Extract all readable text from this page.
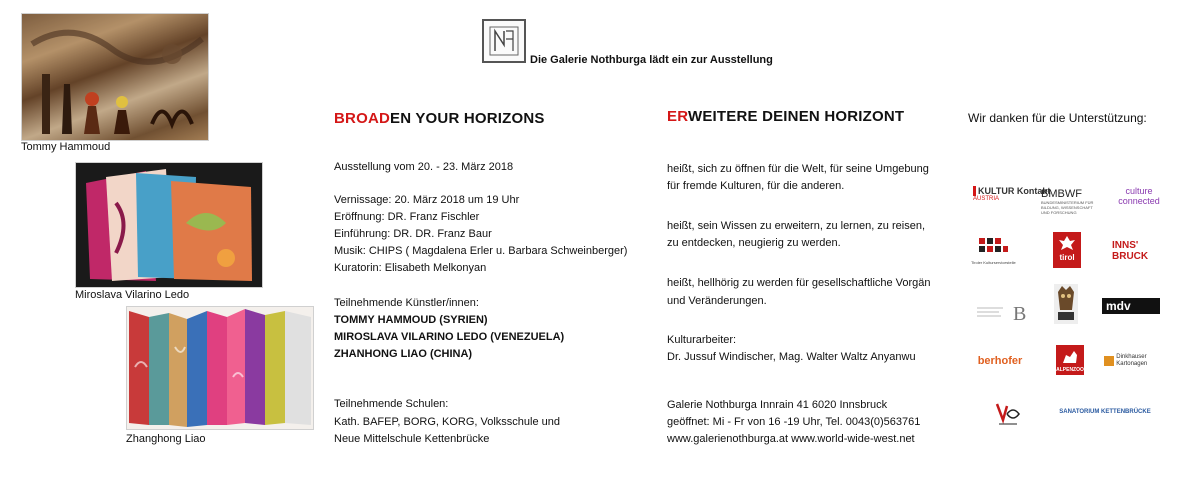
Tommy Hammoud
Miroslava Vilarino Ledo
Zhanghong Liao
Die Galerie Nothburga lädt ein zur Ausstellung
BROADEN YOUR HORIZONS
Ausstellung vom 20. - 23. März 2018
Vernissage: 20. März 2018 um 19 Uhr
Eröffnung: DR. Franz Fischler
Einführung: DR. DR. Franz Baur
Musik: CHIPS ( Magdalena Erler u. Barbara Schweinberger)
Kuratorin: Elisabeth Melkonyan
Teilnehmende Künstler/innen:
TOMMY HAMMOUD (SYRIEN)
MIROSLAVA VILARINO LEDO (VENEZUELA)
ZHANHONG LIAO (CHINA)
Teilnehmende Schulen:
Kath. BAFEP, BORG, KORG, Volksschule und
Neue Mittelschule Kettenbrücke
ERWEITERE DEINEN HORIZONT
heißt, sich zu öffnen für die Welt, für seine Umgebung
für fremde Kulturen, für die anderen.
heißt, sein Wissen zu erweitern, zu lernen, zu reisen,
zu entdecken, neugierig zu werden.
heißt, hellhörig zu werden für gesellschaftliche Vorgän
und Veränderungen.
Kulturarbeiter:
Dr. Jussuf Windischer, Mag. Walter Waltz Anyanwu
Galerie Nothburga Innrain 41 6020 Innsbruck
geöffnet: Mi - Fr von 16 -19 Uhr, Tel. 0043(0)563761
www.galerienothburga.at www.world-wide-west.net
Wir danken für die Unterstützung:
KULTUR Kontakt
AUSTRIA	BMBWF
BUNDESMINISTERIUM FÜR BILDUNG, WISSENSCHAFT UND FORSCHUNG
culture connected
Tiroler Kulturservicestelle
tirol
INNS' BRUCK
B	mdv
berhofer
ALPENZOO
Dinkhauser Kartonagen
SANATORIUM KETTENBRÜCKE
